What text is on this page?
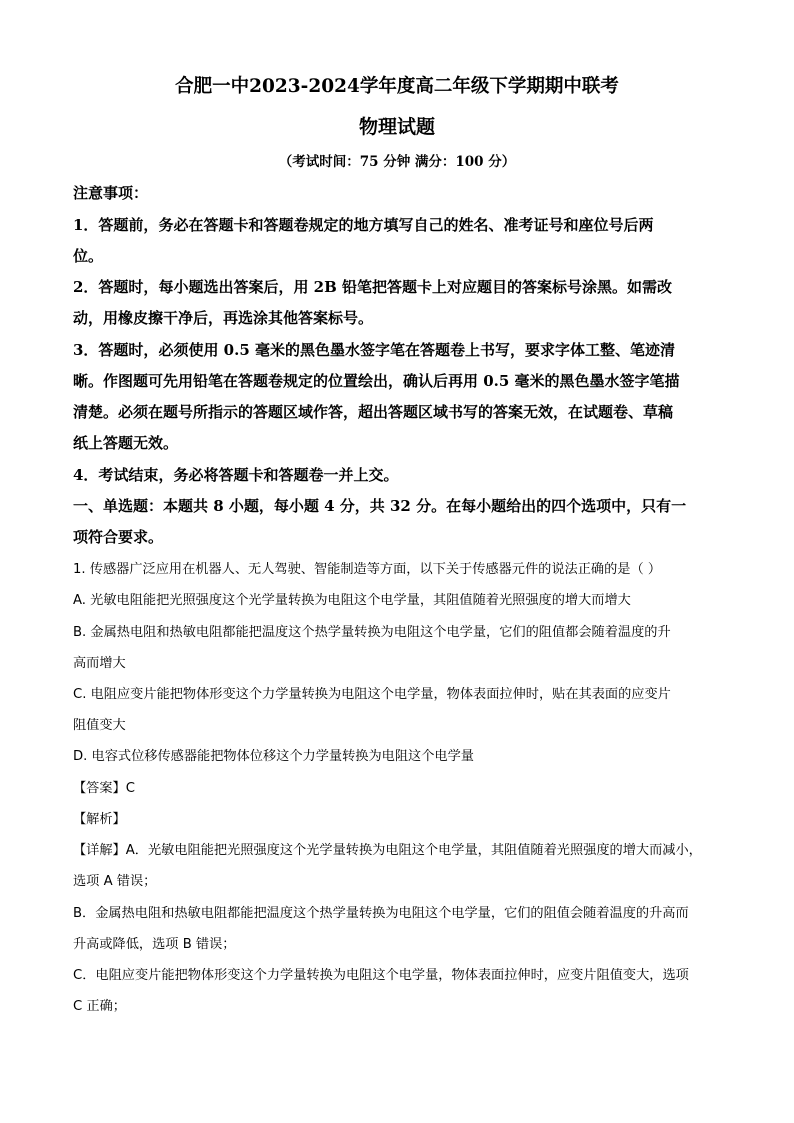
合肥一中2023-2024学年度高二年级下学期期中联考
物理试题
（考试时间：75 分钟 满分：100 分）
注意事项：
1．答题前，务必在答题卡和答题卷规定的地方填写自己的姓名、准考证号和座位号后两
位。
2．答题时，每小题选出答案后，用 2B 铅笔把答题卡上对应题目的答案标号涂黑。如需改
动，用橡皮擦干净后，再选涂其他答案标号。
3．答题时，必须使用 0.5 毫米的黑色墨水签字笔在答题卷上书写，要求字体工整、笔迹清
晰。作图题可先用铅笔在答题卷规定的位置绘出，确认后再用 0.5 毫米的黑色墨水签字笔描
清楚。必须在题号所指示的答题区域作答，超出答题区域书写的答案无效，在试题卷、草稿
纸上答题无效。
4．考试结束，务必将答题卡和答题卷一并上交。
一、单选题：本题共 8 小题，每小题 4 分，共 32 分。在每小题给出的四个选项中，只有一
项符合要求。
1. 传感器广泛应用在机器人、无人驾驶、智能制造等方面，以下关于传感器元件的说法正确的是（ ）
A. 光敏电阻能把光照强度这个光学量转换为电阻这个电学量，其阻值随着光照强度的增大而增大
B. 金属热电阻和热敏电阻都能把温度这个热学量转换为电阻这个电学量，它们的阻值都会随着温度的升
高而增大
C. 电阻应变片能把物体形变这个力学量转换为电阻这个电学量，物体表面拉伸时，贴在其表面的应变片
阻值变大
D. 电容式位移传感器能把物体位移这个力学量转换为电阻这个电学量
【答案】C
【解析】
【详解】A．光敏电阻能把光照强度这个光学量转换为电阻这个电学量，其阻值随着光照强度的增大而减小，
选项 A 错误；
B．金属热电阻和热敏电阻都能把温度这个热学量转换为电阻这个电学量，它们的阻值会随着温度的升高而
升高或降低，选项 B 错误；
C．电阻应变片能把物体形变这个力学量转换为电阻这个电学量，物体表面拉伸时，应变片阻值变大，选项
C 正确；
